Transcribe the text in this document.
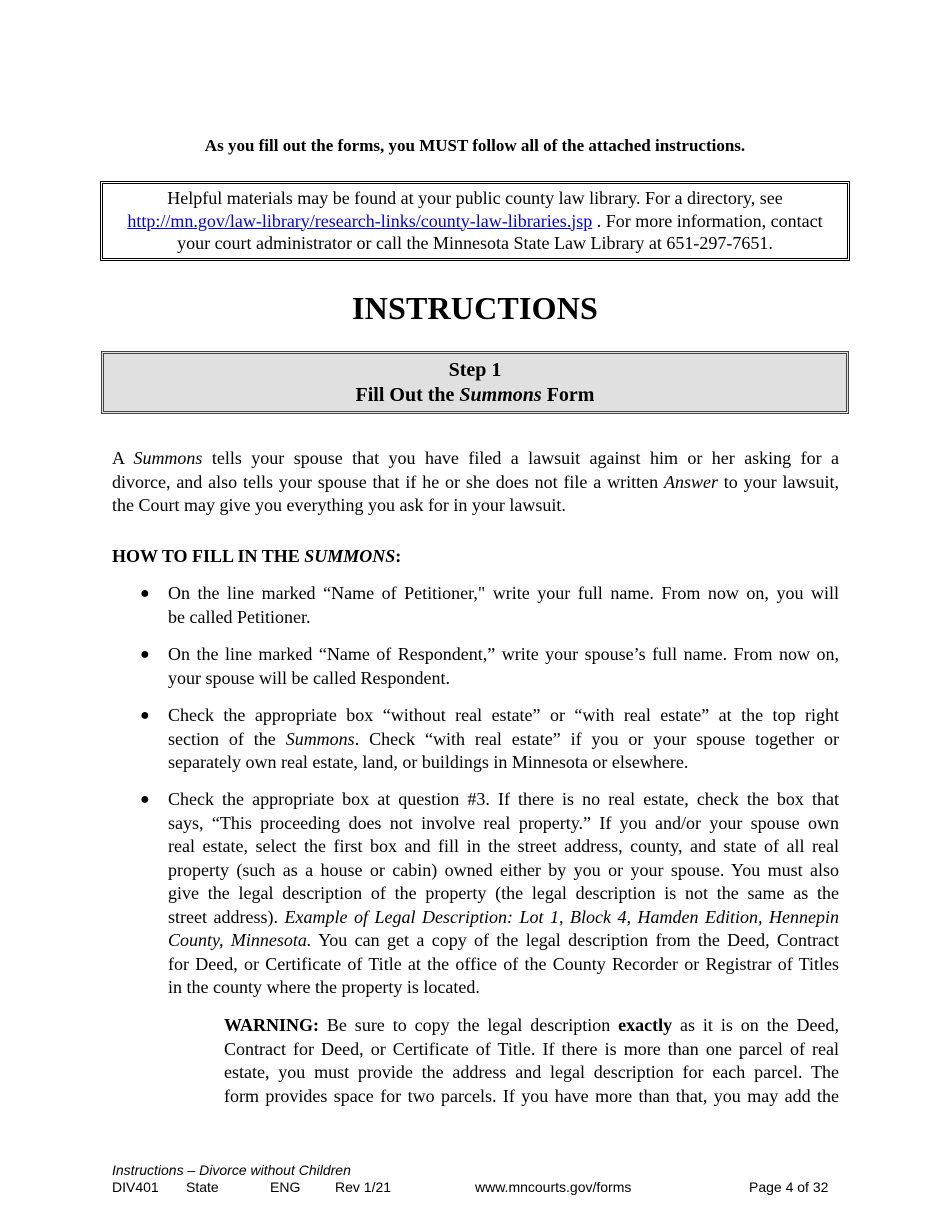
As you fill out the forms, you MUST follow all of the attached instructions.
Helpful materials may be found at your public county law library. For a directory, see
http://mn.gov/law-library/research-links/county-law-libraries.jsp . For more information, contact
your court administrator or call the Minnesota State Law Library at 651-297-7651.
INSTRUCTIONS
Step 1
Fill Out the Summons Form
A Summons tells your spouse that you have filed a lawsuit against him or her asking for a
divorce, and also tells your spouse that if he or she does not file a written Answer to your lawsuit,
the Court may give you everything you ask for in your lawsuit.
HOW TO FILL IN THE SUMMONS:
● On the line marked “Name of Petitioner," write your full name. From now on, you will
be called Petitioner.
● On the line marked “Name of Respondent,” write your spouse’s full name. From now on,
your spouse will be called Respondent.
● Check the appropriate box “without real estate” or “with real estate” at the top right
section of the Summons. Check “with real estate” if you or your spouse together or
separately own real estate, land, or buildings in Minnesota or elsewhere.
● Check the appropriate box at question #3. If there is no real estate, check the box that
says, “This proceeding does not involve real property.” If you and/or your spouse own
real estate, select the first box and fill in the street address, county, and state of all real
property (such as a house or cabin) owned either by you or your spouse. You must also
give the legal description of the property (the legal description is not the same as the
street address). Example of Legal Description: Lot 1, Block 4, Hamden Edition, Hennepin
County, Minnesota. You can get a copy of the legal description from the Deed, Contract
for Deed, or Certificate of Title at the office of the County Recorder or Registrar of Titles
in the county where the property is located.
WARNING: Be sure to copy the legal description exactly as it is on the Deed,
Contract for Deed, or Certificate of Title. If there is more than one parcel of real
estate, you must provide the address and legal description for each parcel. The
form provides space for two parcels. If you have more than that, you may add the
Instructions – Divorce without Children
DIV401 State	ENG Rev 1/21	www.mncourts.gov/forms	Page 4 of 32
